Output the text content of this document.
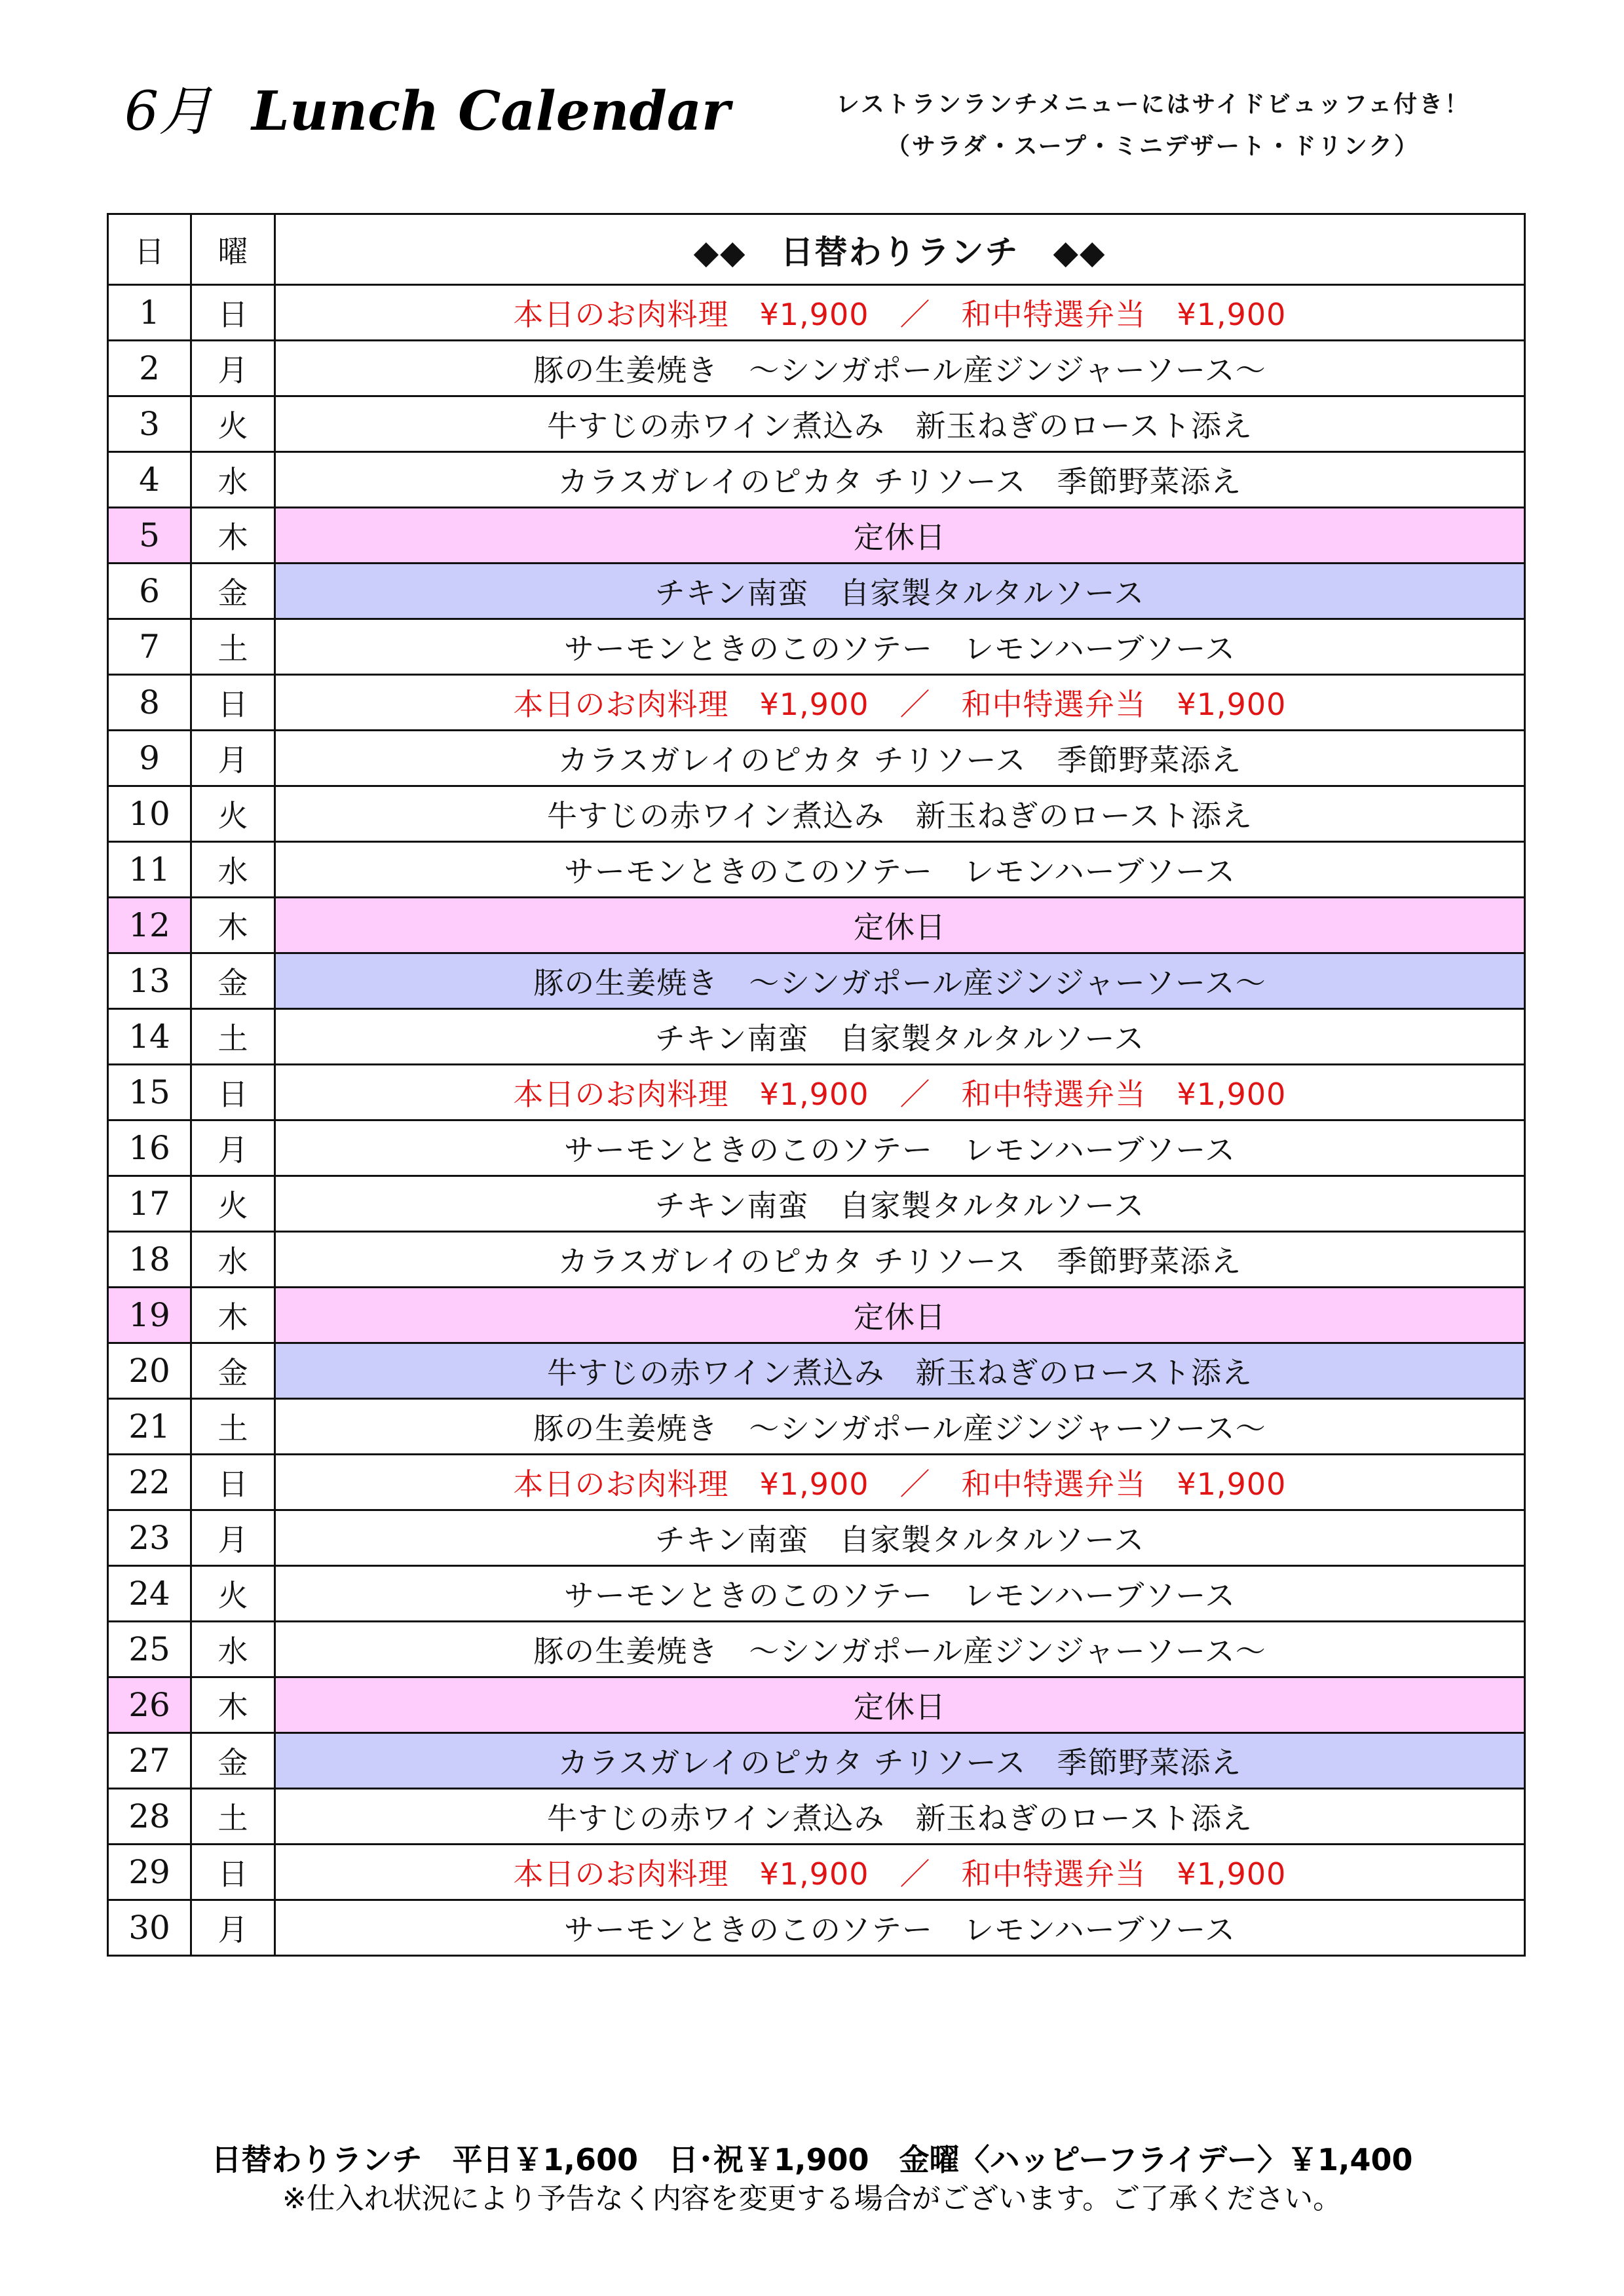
6月 Lunch Calendar	レストランランチメニューにはサイドビュッフェ付き！
（サラダ・スープ・ミニデザート・ドリンク）
日	曜	◆◆　日替わりランチ　◆◆
1	日	本日のお肉料理　¥1,900　／　和中特選弁当　¥1,900
2	月	豚の生姜焼き　～シンガポール産ジンジャーソース～
3	火	牛すじの赤ワイン煮込み　新玉ねぎのロースト添え
4	水	カラスガレイのピカタ チリソース　季節野菜添え
5	木	定休日
6	金	チキン南蛮　自家製タルタルソース
7	土	サーモンときのこのソテー　レモンハーブソース
8	日	本日のお肉料理　¥1,900　／　和中特選弁当　¥1,900
9	月	カラスガレイのピカタ チリソース　季節野菜添え
10	火	牛すじの赤ワイン煮込み　新玉ねぎのロースト添え
11	水	サーモンときのこのソテー　レモンハーブソース
12	木	定休日
13	金	豚の生姜焼き　～シンガポール産ジンジャーソース～
14	土	チキン南蛮　自家製タルタルソース
15	日	本日のお肉料理　¥1,900　／　和中特選弁当　¥1,900
16	月	サーモンときのこのソテー　レモンハーブソース
17	火	チキン南蛮　自家製タルタルソース
18	水	カラスガレイのピカタ チリソース　季節野菜添え
19	木	定休日
20	金	牛すじの赤ワイン煮込み　新玉ねぎのロースト添え
21	土	豚の生姜焼き　～シンガポール産ジンジャーソース～
22	日	本日のお肉料理　¥1,900　／　和中特選弁当　¥1,900
23	月	チキン南蛮　自家製タルタルソース
24	火	サーモンときのこのソテー　レモンハーブソース
25	水	豚の生姜焼き　～シンガポール産ジンジャーソース～
26	木	定休日
27	金	カラスガレイのピカタ チリソース　季節野菜添え
28	土	牛すじの赤ワイン煮込み　新玉ねぎのロースト添え
29	日	本日のお肉料理　¥1,900　／　和中特選弁当　¥1,900
30	月	サーモンときのこのソテー　レモンハーブソース
日替わりランチ　平日￥1,600　日･祝￥1,900　金曜〈ハッピーフライデー〉￥1,400
※仕入れ状況により予告なく内容を変更する場合がございます。ご了承ください。
